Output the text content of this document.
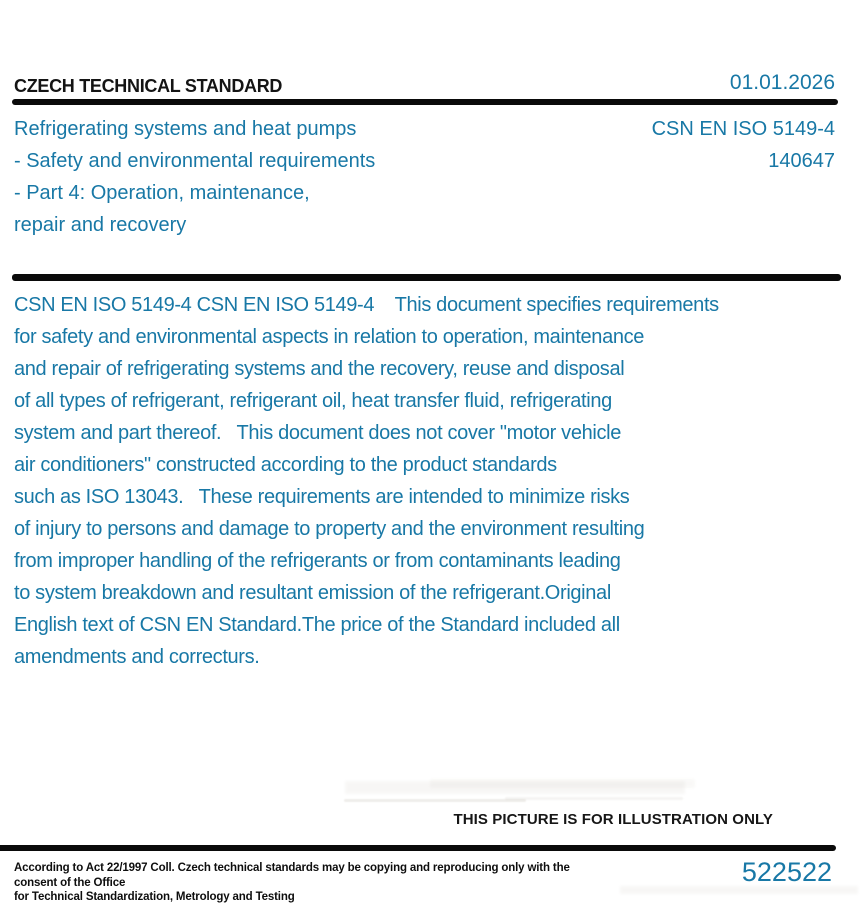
CZECH TECHNICAL STANDARD	01.01.2026
Refrigerating systems and heat pumps
- Safety and environmental requirements
- Part 4: Operation, maintenance,
repair and recovery
CSN EN ISO 5149-4
140647
CSN EN ISO 5149-4 CSN EN ISO 5149-4    This document specifies requirements
for safety and environmental aspects in relation to operation, maintenance
and repair of refrigerating systems and the recovery, reuse and disposal
of all types of refrigerant, refrigerant oil, heat transfer fluid, refrigerating
system and part thereof.   This document does not cover "motor vehicle
air conditioners" constructed according to the product standards
such as ISO 13043.   These requirements are intended to minimize risks
of injury to persons and damage to property and the environment resulting
from improper handling of the refrigerants or from contaminants leading
to system breakdown and resultant emission of the refrigerant.Original
English text of CSN EN Standard.The price of the Standard included all
amendments and correcturs.
THIS PICTURE IS FOR ILLUSTRATION ONLY
According to Act 22/1997 Coll. Czech technical standards may be copying and reproducing only with the consent of the Office
for Technical Standardization, Metrology and Testing
522522
